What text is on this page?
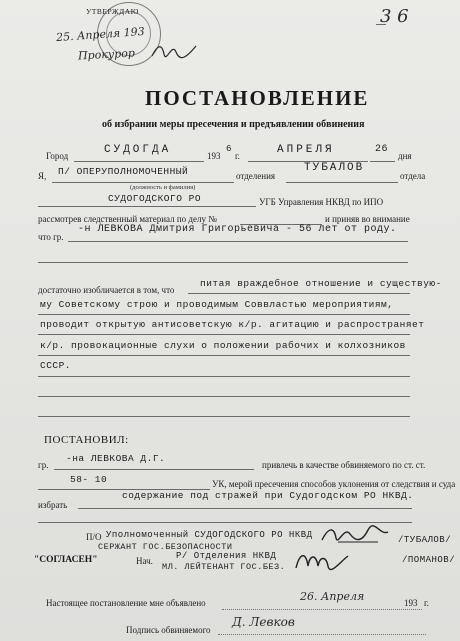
УТВЕРЖДАЮ
25. Апреля 193
Прокурор
3 6
ПОСТАНОВЛЕНИЕ
об избрании меры пресечения и предъявлении обвинения
Город	СУДОГДА	193
6
г.	АПРЕЛЯ	26
дня
Я, П/ ОПЕРУПОЛНОМОЧЕННЫЙ	отделения
ТУБАЛОВ
отдела
(должность и фамилия)
СУДОГОДСКОГО РО	УГБ Управления НКВД по ИПО
рассмотрев следственный материал по делу №	и приняв во внимание
что гр.
-н ЛЕВКОВА Дмитрия Григорьевича - 56 лет от роду.
достаточно изобличается в том, что
питая враждебное отношение и существую-
му Советскому строю и проводимым Соввластью мероприятиям,
проводит открытую антисоветскую к/р. агитацию и распространяет
к/р. провокационные слухи о положении рабочих и колхозников
СССР.
ПОСТАНОВИЛ:
гр.
-на ЛЕВКОВА Д.Г.
привлечь в качестве обвиняемого по ст. ст.
58- 10	УК, мерой пресечения способов уклонения от следствия и суда
избрать
содержание под стражей при Судогодском РО НКВД.
П/О Уполномоченный СУДОГОДСКОГО РО НКВД
СЕРЖАНТ ГОС.БЕЗОПАСНОСТИ
/ТУБАЛОВ/
"СОГЛАСЕН"	Нач.	Р/ Отделения НКВД
МЛ. ЛЕЙТЕНАНТ ГОС.БЕЗ.
/ПОМАНОВ/
Настоящее постановление мне объявлено	26. Апреля	193 г.
Подпись обвиняемого
Д. Левков
